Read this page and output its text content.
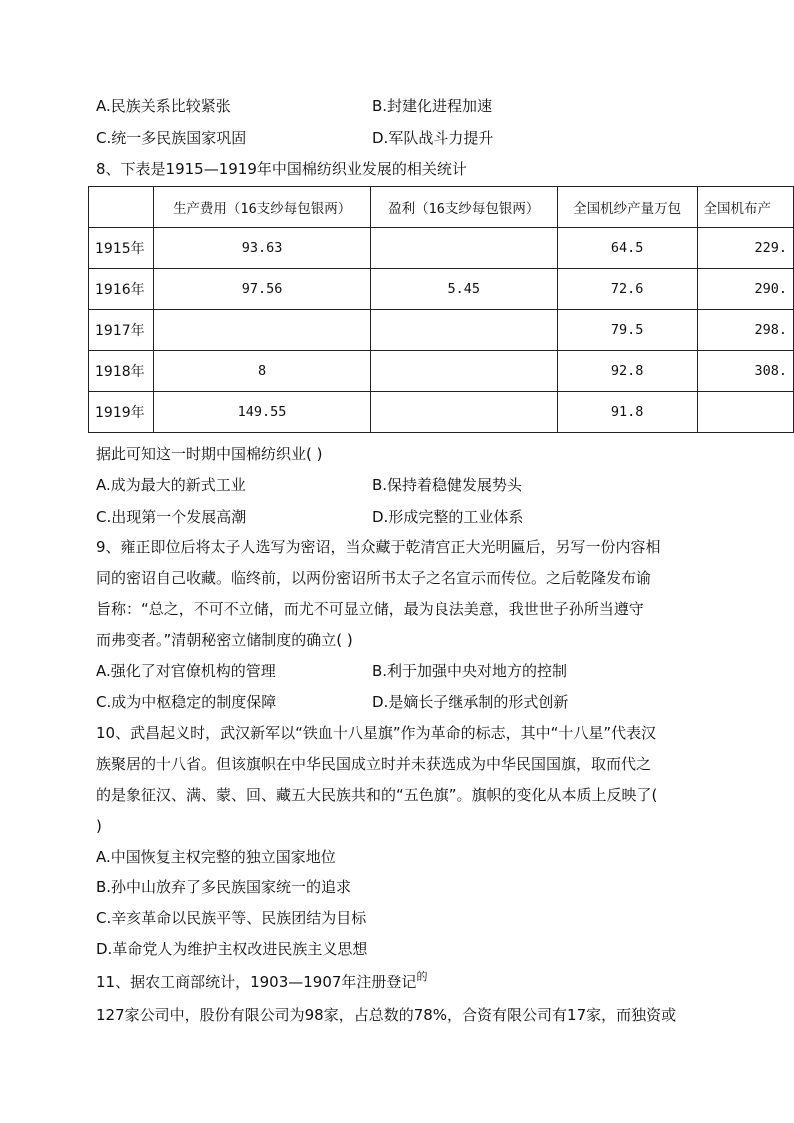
A.民族关系比较紧张	B.封建化进程加速
C.统一多民族国家巩固	D.军队战斗力提升
8、下表是1915—1919年中国棉纺织业发展的相关统计
	生产费用（16支纱每包银两）	盈利（16支纱每包银两）	全国机纱产量万包	全国机布产
1915年	93.63		64.5	229.
1916年	97.56	5.45	72.6	290.
1917年			79.5	298.
1918年	8		92.8	308.
1919年	149.55		91.8	
据此可知这一时期中国棉纺织业( )
A.成为最大的新式工业	B.保持着稳健发展势头
C.出现第一个发展高潮	D.形成完整的工业体系
9、雍正即位后将太子人选写为密诏，当众藏于乾清宫正大光明匾后，另写一份内容相
同的密诏自己收藏。临终前，以两份密诏所书太子之名宣示而传位。之后乾隆发布谕
旨称：“总之，不可不立储，而尤不可显立储，最为良法美意，我世世子孙所当遵守
而弗变者。”清朝秘密立储制度的确立( )
A.强化了对官僚机构的管理	B.利于加强中央对地方的控制
C.成为中枢稳定的制度保障	D.是嫡长子继承制的形式创新
10、武昌起义时，武汉新军以“铁血十八星旗”作为革命的标志，其中“十八星”代表汉
族聚居的十八省。但该旗帜在中华民国成立时并未获选成为中华民国国旗，取而代之
的是象征汉、满、蒙、回、藏五大民族共和的“五色旗”。旗帜的变化从本质上反映了(
)
A.中国恢复主权完整的独立国家地位
B.孙中山放弃了多民族国家统一的追求
C.辛亥革命以民族平等、民族团结为目标
D.革命党人为维护主权改进民族主义思想
11、据农工商部统计，1903—1907年注册登记$^的$
127家公司中，股份有限公司为98家，占总数的78%，合资有限公司有17家，而独资或
